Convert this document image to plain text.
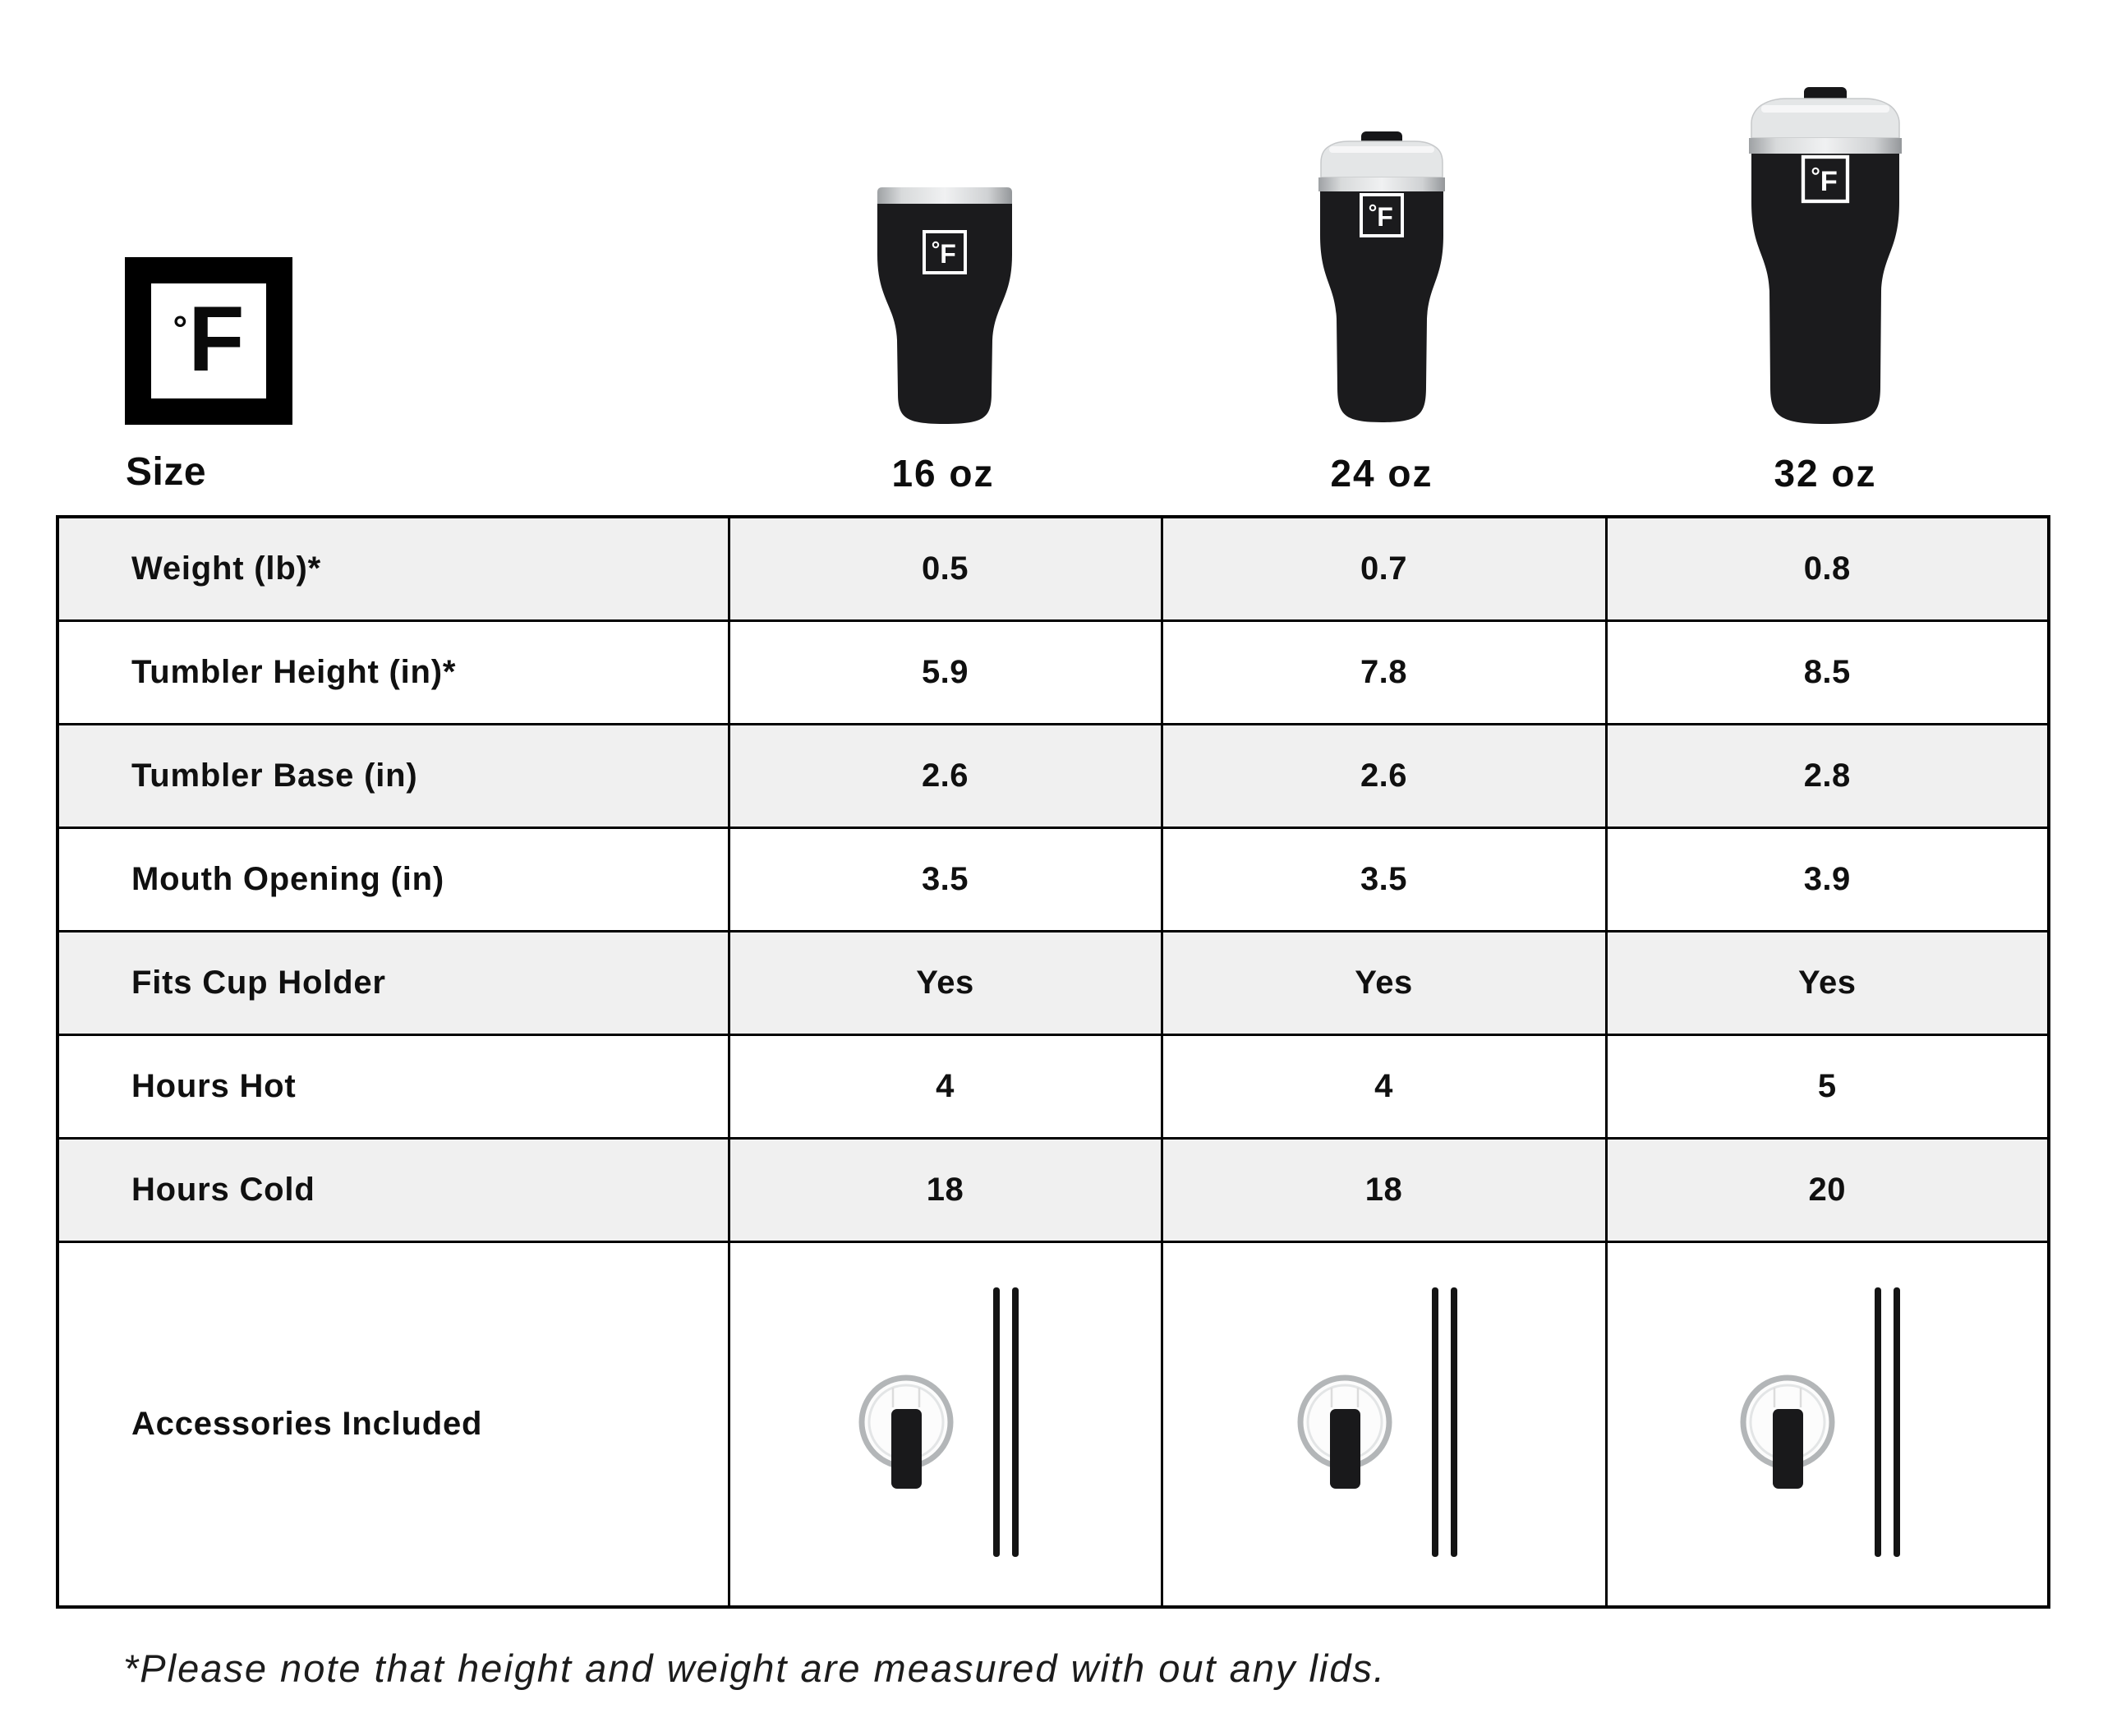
° F
Size	16 oz	24 oz	32 oz
Weight (lb)*	0.5	0.7	0.8
Tumbler Height (in)*	5.9	7.8	8.5
Tumbler Base (in)	2.6	2.6	2.8
Mouth Opening (in)	3.5	3.5	3.9
Fits Cup Holder	Yes	Yes	Yes
Hours Hot	4	4	5
Hours Cold	18	18	20
Accessories Included	

*Please note that height and weight are measured with out any lids.
